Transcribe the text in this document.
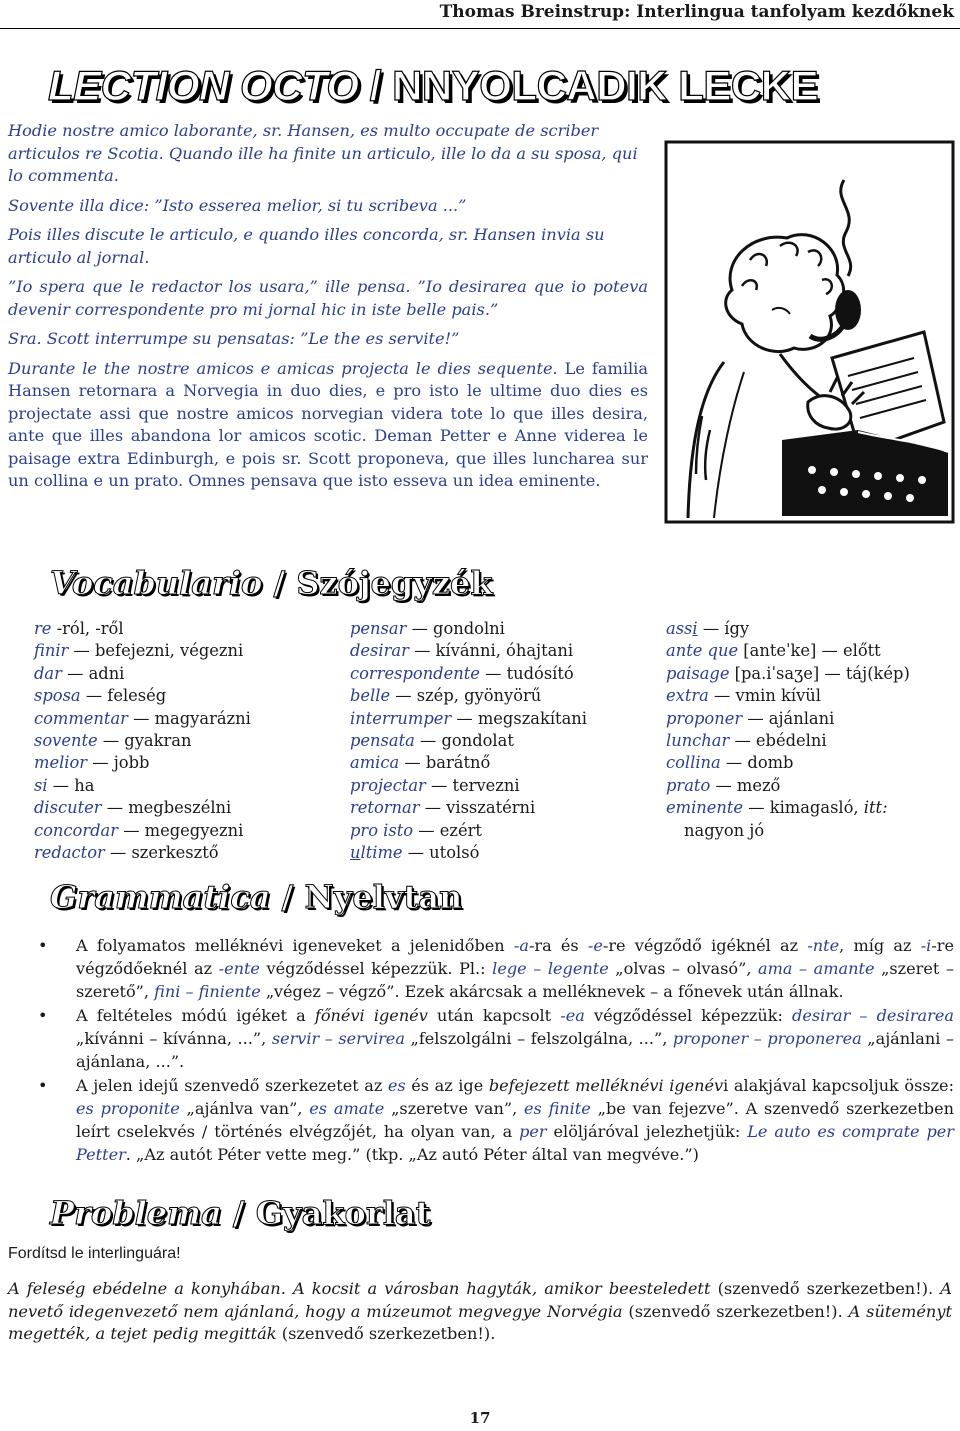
Thomas Breinstrup: Interlingua tanfolyam kezdőknek
LECTION OCTO / NNYOLCADIK LECKE

Hodie nostre amico laborante, sr. Hansen, es multo occupate de scriber articulos re Scotia. Quando ille ha finite un articulo, ille lo da a su sposa, qui lo commenta.

Sovente illa dice: ”Isto esserea melior, si tu scribeva ...”

Pois illes discute le articulo, e quando illes concorda, sr. Hansen invia su articulo al jornal.

”Io spera que le redactor los usara,” ille pensa. ”Io desirarea que io poteva devenir correspondente pro mi jornal hic in iste belle pais.”

Sra. Scott interrumpe su pensatas: ”Le the es servite!”

Durante le the nostre amicos e amicas projecta le dies sequente. Le familia Hansen retornara a Norvegia in duo dies, e pro isto le ultime duo dies es projectate assi que nostre amicos norvegian videra tote lo que illes desira, ante que illes abandona lor amicos scotic. Deman Petter e Anne viderea le paisage extra Edinburgh, e pois sr. Scott proponeva, que illes luncharea sur un collina e un prato. Omnes pensava que isto esseva un idea eminente.

Vocabulario / Szójegyzék
re -ról, -ről
finir — befejezni, végezni
dar — adni
sposa — feleség
commentar — magyarázni
sovente — gyakran
melior — jobb
si — ha
discuter — megbeszélni
concordar — megegyezni
redactor — szerkesztő
pensar — gondolni
desirar — kívánni, óhajtani
correspondente — tudósító
belle — szép, gyönyörű
interrumper — megszakítani
pensata — gondolat
amica — barátnő
projectar — tervezni
retornar — visszatérni
pro isto — ezért
ultime — utolsó
assi — így
ante que [anteˈke] — előtt
paisage [pa.iˈsaʒe] — táj(kép)
extra — vmin kívül
proponer — ajánlani
lunchar — ebédelni
collina — domb
prato — mező
eminente — kimagasló, itt:
nagyon jó
Grammatica / Nyelvtan
• A folyamatos melléknévi igeneveket a jelenidőben -a-ra és -e-re végződő igéknél az -nte, míg az -i-re végződőeknél az -ente végződéssel képezzük. Pl.: lege – legente „olvas – olvasó”, ama – amante „szeret – szerető”, fini – finiente „végez – végző”. Ezek akárcsak a melléknevek – a főnevek után állnak.
• A feltételes módú igéket a főnévi igenév után kapcsolt -ea végződéssel képezzük: desirar – desirarea „kívánni – kívánna, ...”, servir – servirea „felszolgálni – felszolgálna, ...”, proponer – proponerea „ajánlani – ajánlana, ...”.
• A jelen idejű szenvedő szerkezetet az es és az ige befejezett melléknévi igenévi alakjával kapcsoljuk össze: es proponite „ajánlva van”, es amate „szeretve van”, es finite „be van fejezve”. A szenvedő szerkezetben leírt cselekvés / történés elvégzőjét, ha olyan van, a per elöljáróval jelezhetjük: Le auto es comprate per Petter. „Az autót Péter vette meg.” (tkp. „Az autó Péter által van megvéve.”)
Problema / Gyakorlat
Fordítsd le interlinguára!

A feleség ebédelne a konyhában. A kocsit a városban hagyták, amikor beesteledett (szenvedő szerkezetben!). A nevető idegenvezető nem ajánlaná, hogy a múzeumot megvegye Norvégia (szenvedő szerkezetben!). A süteményt megették, a tejet pedig megitták (szenvedő szerkezetben!).

17
